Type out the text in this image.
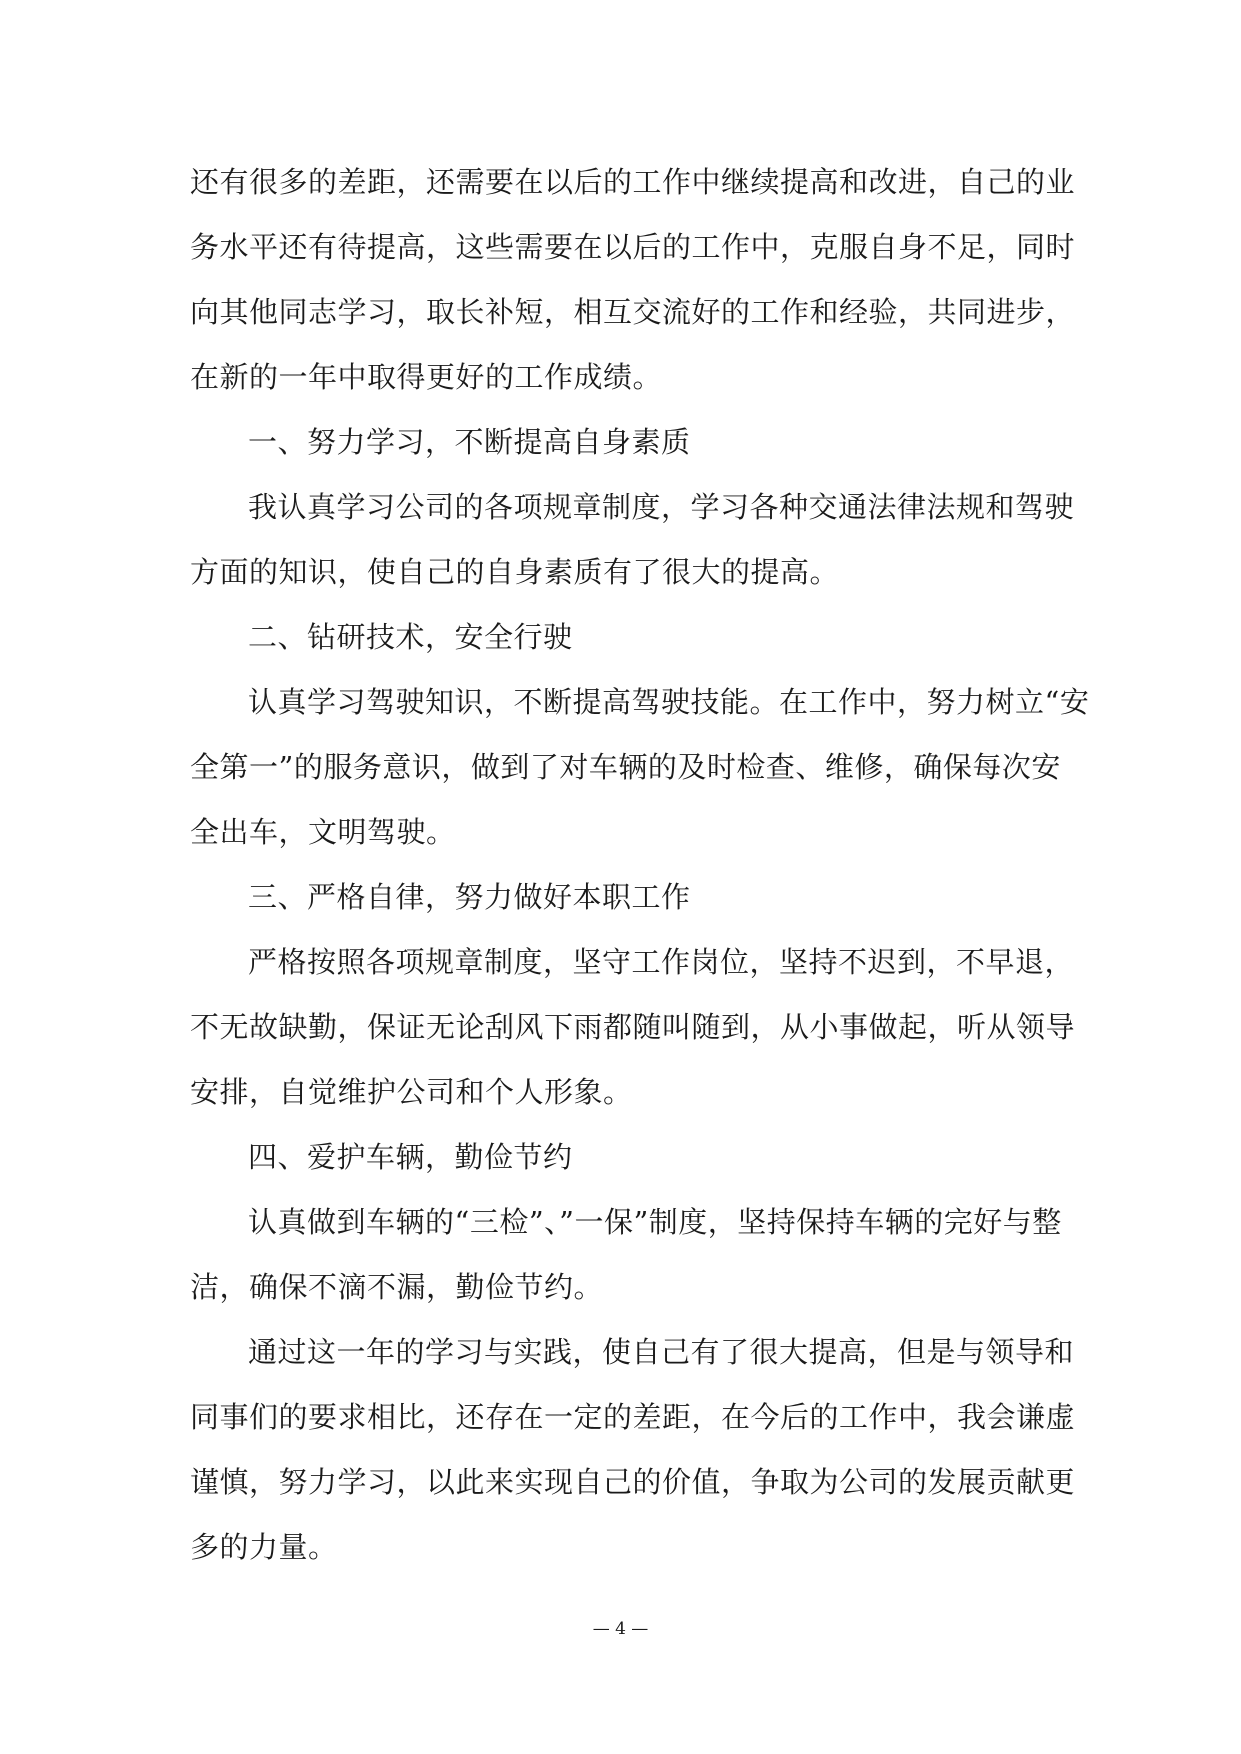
还有很多的差距，还需要在以后的工作中继续提高和改进，自己的业
务水平还有待提高，这些需要在以后的工作中，克服自身不足，同时
向其他同志学习，取长补短，相互交流好的工作和经验，共同进步，
在新的一年中取得更好的工作成绩。
一、努力学习，不断提高自身素质
我认真学习公司的各项规章制度，学习各种交通法律法规和驾驶
方面的知识，使自己的自身素质有了很大的提高。
二、钻研技术，安全行驶
认真学习驾驶知识，不断提高驾驶技能。在工作中，努力树立“安
全第一”的服务意识，做到了对车辆的及时检查、维修，确保每次安
全出车，文明驾驶。
三、严格自律，努力做好本职工作
严格按照各项规章制度，坚守工作岗位，坚持不迟到，不早退，
不无故缺勤，保证无论刮风下雨都随叫随到，从小事做起，听从领导
安排，自觉维护公司和个人形象。
四、爱护车辆，勤俭节约
认真做到车辆的“三检”、”一保”制度，坚持保持车辆的完好与整
洁，确保不滴不漏，勤俭节约。
通过这一年的学习与实践，使自己有了很大提高，但是与领导和
同事们的要求相比，还存在一定的差距，在今后的工作中，我会谦虚
谨慎，努力学习，以此来实现自己的价值，争取为公司的发展贡献更
多的力量。
— 4 —
